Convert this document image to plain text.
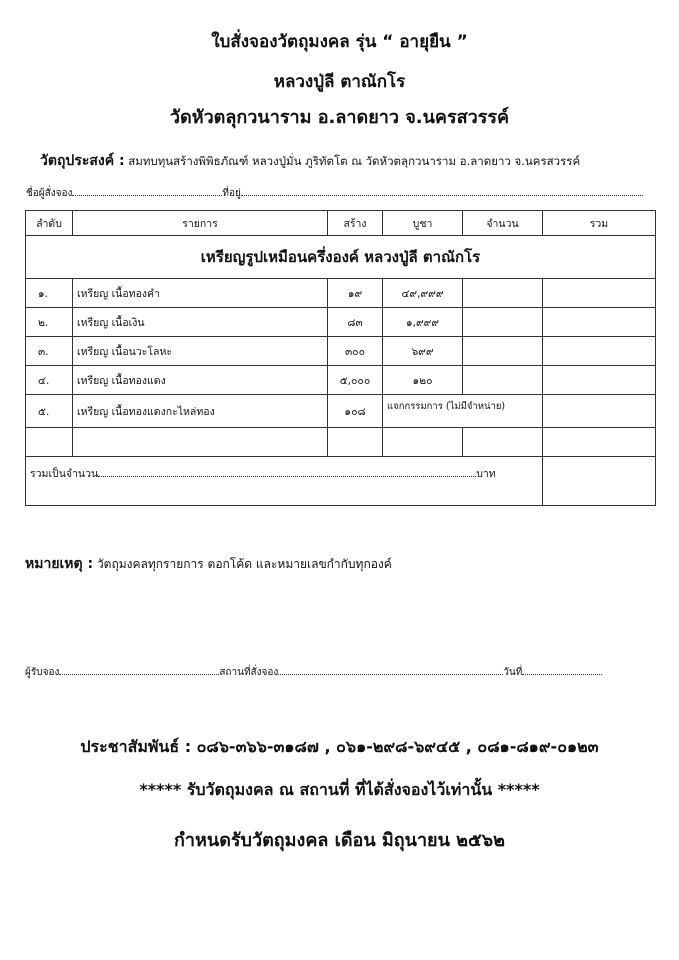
ใบสั่งจองวัตถุมงคล รุ่น “ อายุยืน ”
หลวงปู่ลี ตาณักโร
วัดหัวตลุกวนาราม อ.ลาดยาว จ.นครสวรรค์
วัตถุประสงค์ : สมทบทุนสร้างพิพิธภัณฑ์ หลวงปู่มั่น ภูริทัตโต ณ วัดหัวตลุกวนาราม อ.ลาดยาว จ.นครสวรรค์
ชื่อผู้สั่งจอง	ที่อยู่
ลำดับ	รายการ	สร้าง	บูชา	จำนวน	รวม
เหรียญรูปเหมือนครึ่งองค์ หลวงปู่ลี ตาณักโร					
๑.	เหรียญ เนื้อทองคำ	๑๙	๔๙,๙๙๙		
๒.	เหรียญ เนื้อเงิน	๘๓	๑,๙๙๙		
๓.	เหรียญ เนื้อนวะโลหะ	๓๐๐	๖๙๙		
๔.	เหรียญ เนื้อทองแดง	๕,๐๐๐	๑๒๐		
๕.	เหรียญ เนื้อทองแดงกะไหล่ทอง	๑๐๘	แจกกรรมการ (ไม่มีจำหน่าย)		

รวมเป็นจำนวน บาท					
หมายเหตุ : วัตถุมงคลทุกรายการ ตอกโค้ด และหมายเลขกำกับทุกองค์
ผู้รับจอง	สถานที่สั่งจอง	วันที่
ประชาสัมพันธ์ : ๐๘๖-๓๖๖-๓๑๘๗ , ๐๖๑-๒๙๘-๖๙๔๕ , ๐๘๑-๘๑๙-๐๑๒๓
***** รับวัตถุมงคล ณ สถานที่ ที่ได้สั่งจองไว้เท่านั้น *****
กำหนดรับวัตถุมงคล เดือน มิถุนายน ๒๕๖๒
